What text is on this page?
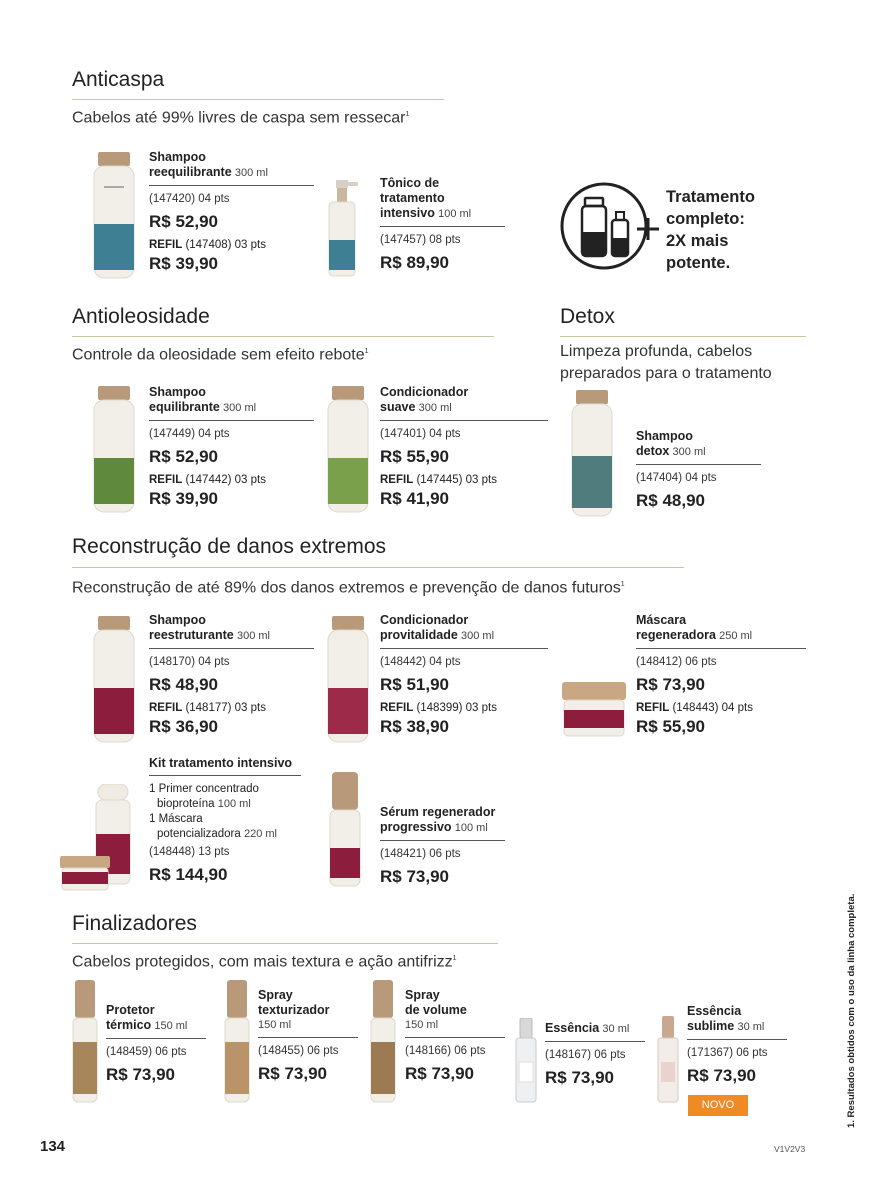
Anticaspa
Cabelos até 99% livres de caspa sem ressecar$^1$
Shampoo
reequilibrante 300 ml
(147420) 04 pts
R$ 52,90
REFIL (147408) 03 pts
R$ 39,90
Tônico de
tratamento
intensivo 100 ml
(147457) 08 pts
R$ 89,90
Tratamento
completo:
2X mais
potente.
Antioleosidade
Controle da oleosidade sem efeito rebote$^1$
Shampoo
equilibrante 300 ml
(147449) 04 pts
R$ 52,90
REFIL (147442) 03 pts
R$ 39,90
Condicionador
suave 300 ml
(147401) 04 pts
R$ 55,90
REFIL (147445) 03 pts
R$ 41,90
Detox
Limpeza profunda, cabelos
preparados para o tratamento
Shampoo
detox 300 ml
(147404) 04 pts
R$ 48,90
Reconstrução de danos extremos
Reconstrução de até 89% dos danos extremos e prevenção de danos futuros$^1$
Shampoo
reestruturante 300 ml
(148170) 04 pts
R$ 48,90
REFIL (148177) 03 pts
R$ 36,90
Condicionador
provitalidade 300 ml
(148442) 04 pts
R$ 51,90
REFIL (148399) 03 pts
R$ 38,90
Máscara
regeneradora 250 ml
(148412) 06 pts
R$ 73,90
REFIL (148443) 04 pts
R$ 55,90
Kit tratamento intensivo
1 Primer concentrado
bioproteína 100 ml
1 Máscara
potencializadora 220 ml
(148448) 13 pts
R$ 144,90
Sérum regenerador
progressivo 100 ml
(148421) 06 pts
R$ 73,90
Finalizadores
Cabelos protegidos, com mais textura e ação antifrizz$^1$
Protetor
térmico 150 ml
(148459) 06 pts
R$ 73,90
Spray
texturizador
150 ml
(148455) 06 pts
R$ 73,90
Spray
de volume
150 ml
(148166) 06 pts
R$ 73,90
Essência 30 ml
(148167) 06 pts
R$ 73,90
Essência
sublime 30 ml
(171367) 06 pts
R$ 73,90
NOVO
134	V1V2V3
1. Resultados obtidos com o uso da linha completa.
